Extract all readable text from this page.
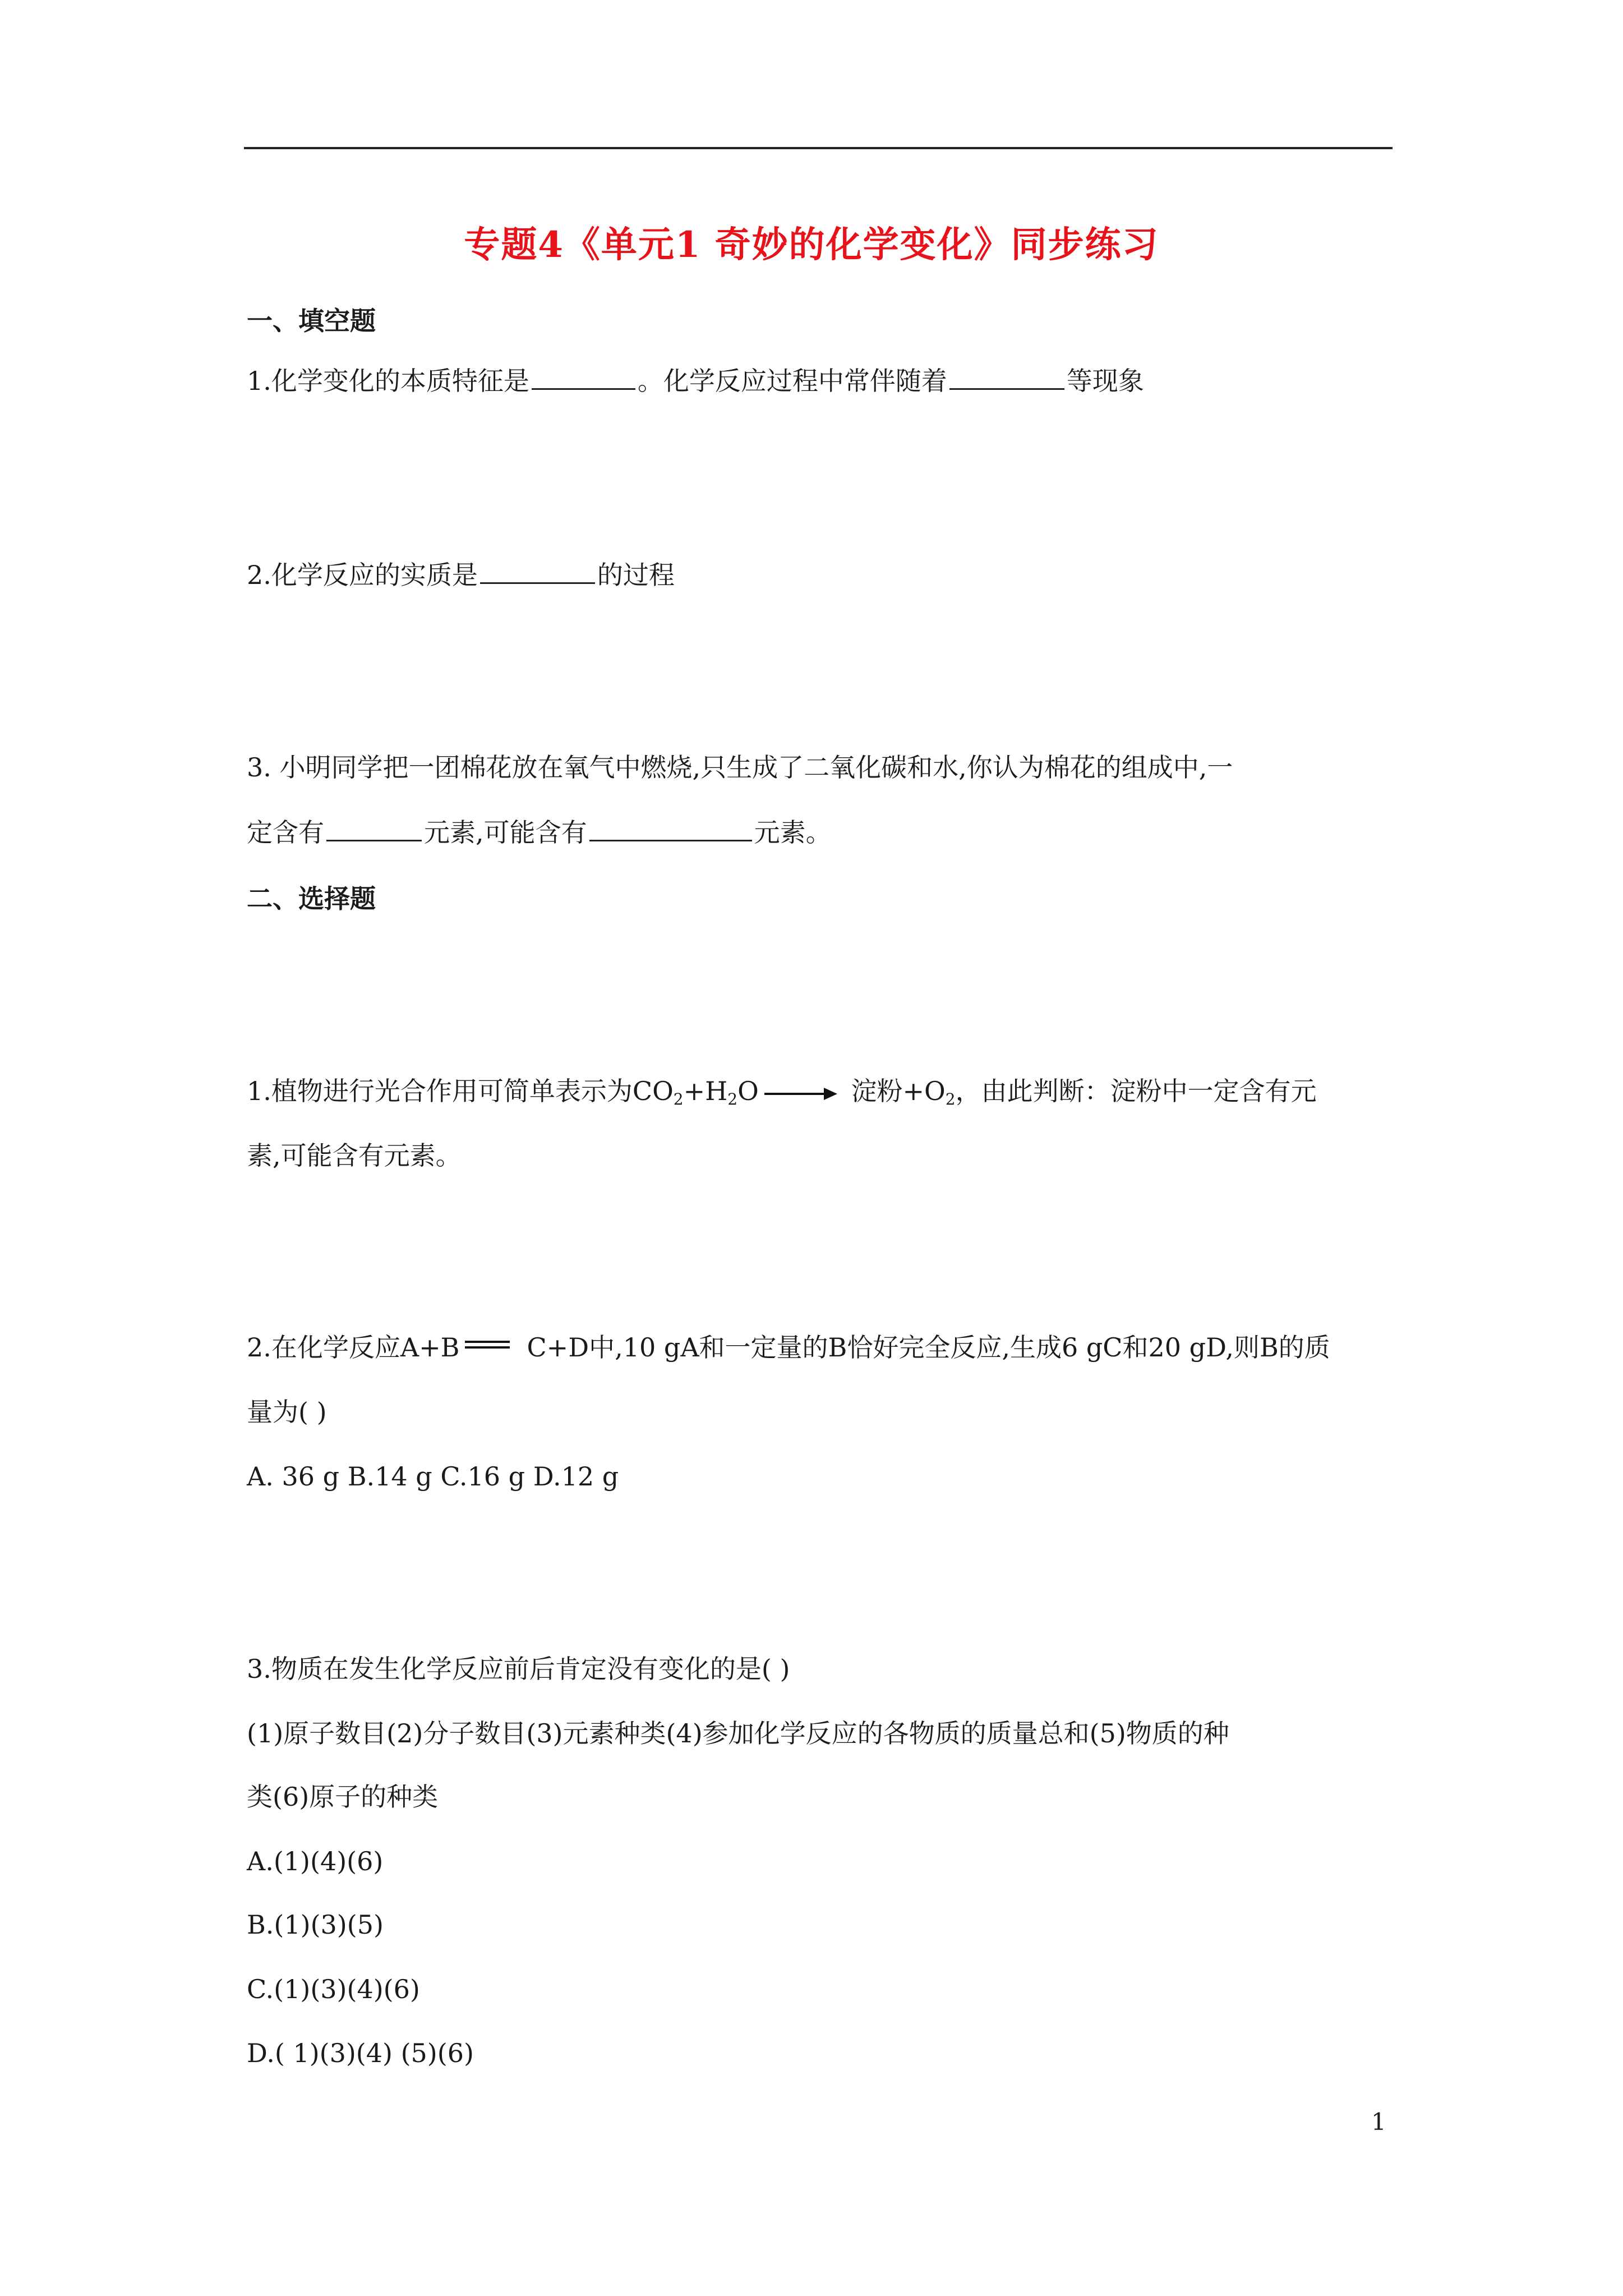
专题4《单元1 奇妙的化学变化》同步练习
一、填空题
1.化学变化的本质特征是	。化学反应过程中常伴随着	等现象
2.化学反应的实质是	的过程
3. 小明同学把一团棉花放在氧气中燃烧,只生成了二氧化碳和水,你认为棉花的组成中,一
定含有	元素,可能含有	元素。
二、选择题
1.植物进行光合作用可简单表示为$CO_2+H_2O$	淀粉$+O_2$，由此判断：淀粉中一定含有元
素,可能含有元素。
2.在化学反应A+B	C+D中,10 gA和一定量的B恰好完全反应,生成6 gC和20 gD,则B的质
量为( )
A. 36 g B.14 g C.16 g D.12 g
3.物质在发生化学反应前后肯定没有变化的是( )
(1)原子数目(2)分子数目(3)元素种类(4)参加化学反应的各物质的质量总和(5)物质的种
类(6)原子的种类
A.(1)(4)(6)
B.(1)(3)(5)
C.(1)(3)(4)(6)
D.( 1)(3)(4) (5)(6)
1
